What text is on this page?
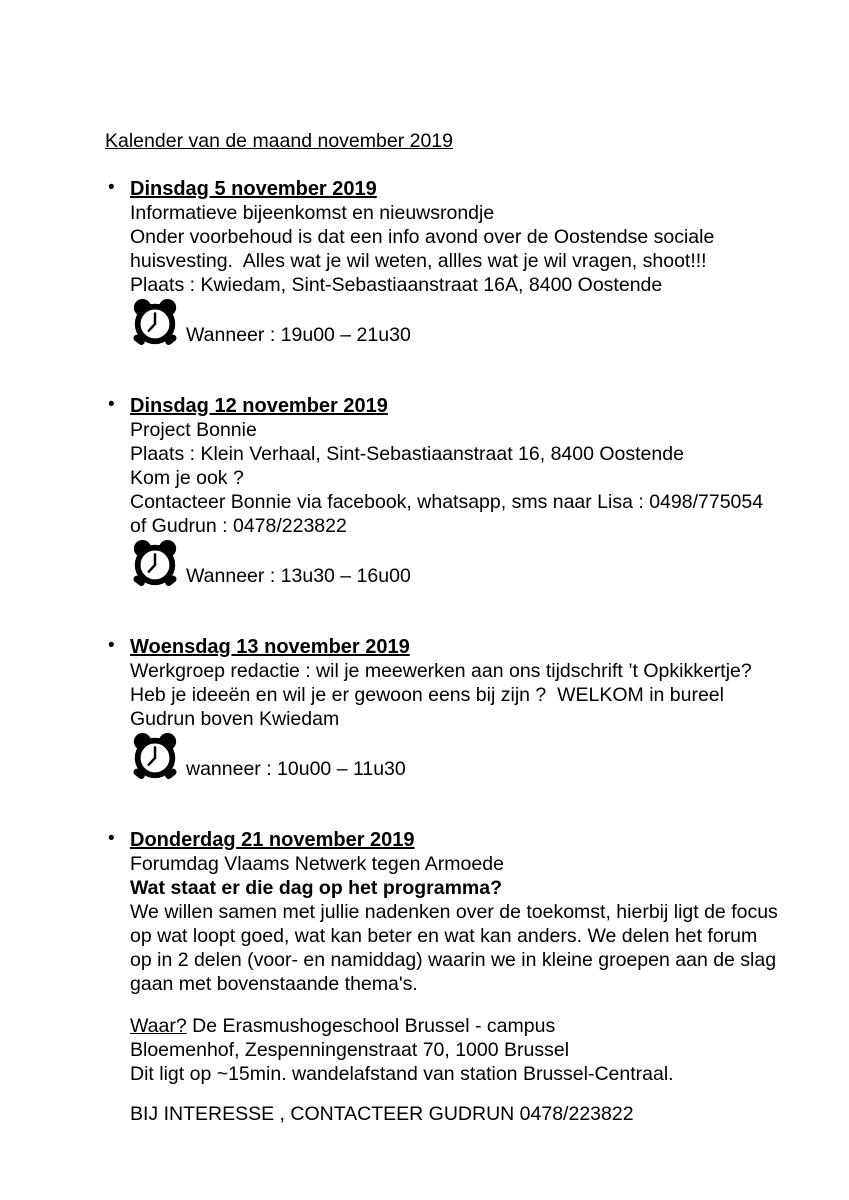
Kalender van de maand november 2019
• Dinsdag 5 november 2019
Informatieve bijeenkomst en nieuwsrondje
Onder voorbehoud is dat een info avond over de Oostendse sociale
huisvesting.  Alles wat je wil weten, allles wat je wil vragen, shoot!!!
Plaats : Kwiedam, Sint-Sebastiaanstraat 16A, 8400 Oostende
Wanneer : 19u00 – 21u30
• Dinsdag 12 november 2019
Project Bonnie
Plaats : Klein Verhaal, Sint-Sebastiaanstraat 16, 8400 Oostende
Kom je ook ?
Contacteer Bonnie via facebook, whatsapp, sms naar Lisa : 0498/775054
of Gudrun : 0478/223822
Wanneer : 13u30 – 16u00
• Woensdag 13 november 2019
Werkgroep redactie : wil je meewerken aan ons tijdschrift ’t Opkikkertje?
Heb je ideeën en wil je er gewoon eens bij zijn ?  WELKOM in bureel
Gudrun boven Kwiedam
wanneer : 10u00 – 11u30
• Donderdag 21 november 2019
Forumdag Vlaams Netwerk tegen Armoede
Wat staat er die dag op het programma?
We willen samen met jullie nadenken over de toekomst, hierbij ligt de focus
op wat loopt goed, wat kan beter en wat kan anders. We delen het forum
op in 2 delen (voor- en namiddag) waarin we in kleine groepen aan de slag
gaan met bovenstaande thema's.
Waar? De Erasmushogeschool Brussel - campus
Bloemenhof, Zespenningenstraat 70, 1000 Brussel
Dit ligt op ~15min. wandelafstand van station Brussel-Centraal.
BIJ INTERESSE , CONTACTEER GUDRUN 0478/223822
